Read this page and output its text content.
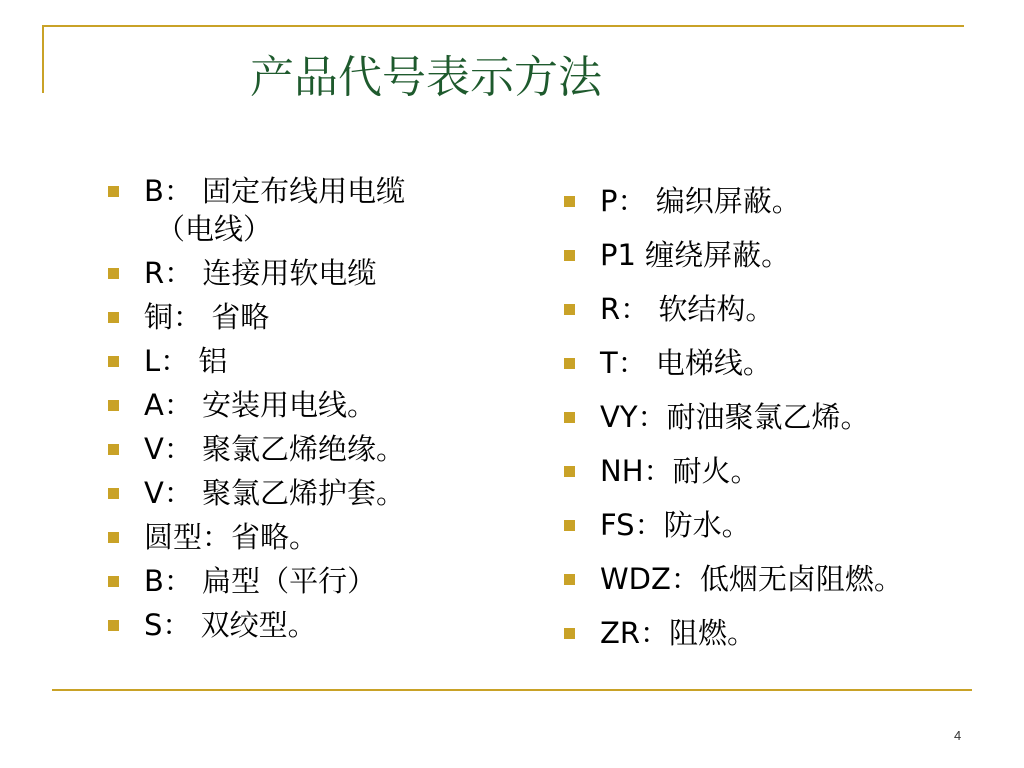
产品代号表示方法
B： 固定布线用电缆
（电线）
R： 连接用软电缆
铜： 省略
L： 铝
A： 安装用电线。
V： 聚氯乙烯绝缘。
V： 聚氯乙烯护套。
圆型：省略。
B： 扁型（平行）
S： 双绞型。
P： 编织屏蔽。
P1 缠绕屏蔽。
R： 软结构。
T： 电梯线。
VY：耐油聚氯乙烯。
NH：耐火。
FS：防水。
WDZ：低烟无卤阻燃。
ZR：阻燃。
4
